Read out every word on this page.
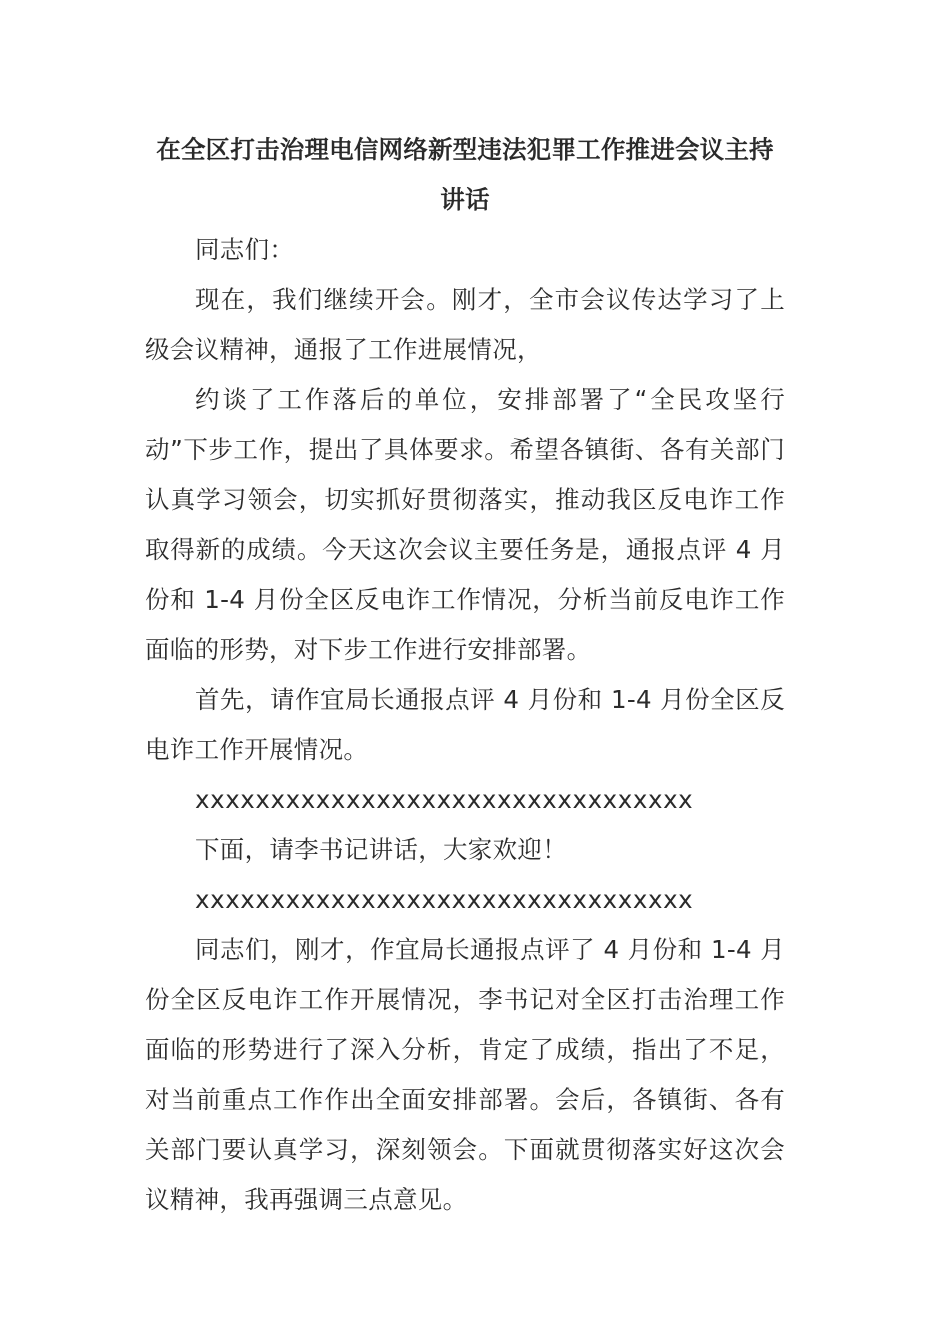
在全区打击治理电信网络新型违法犯罪工作推进会议主持
讲话

同志们：

现在，我们继续开会。刚才，全市会议传达学习了上级会议精神，通报了工作进展情况，

约谈了工作落后的单位，安排部署了“全民攻坚行动”下步工作，提出了具体要求。希望各镇街、各有关部门认真学习领会，切实抓好贯彻落实，推动我区反电诈工作取得新的成绩。今天这次会议主要任务是，通报点评 4 月份和 1-4 月份全区反电诈工作情况，分析当前反电诈工作面临的形势，对下步工作进行安排部署。

首先，请作宜局长通报点评 4 月份和 1-4 月份全区反电诈工作开展情况。

xxxxxxxxxxxxxxxxxxxxxxxxxxxxxxxxx

下面，请李书记讲话，大家欢迎！

xxxxxxxxxxxxxxxxxxxxxxxxxxxxxxxxx

同志们，刚才，作宜局长通报点评了 4 月份和 1-4 月份全区反电诈工作开展情况，李书记对全区打击治理工作面临的形势进行了深入分析，肯定了成绩，指出了不足，对当前重点工作作出全面安排部署。会后，各镇街、各有关部门要认真学习，深刻领会。下面就贯彻落实好这次会议精神，我再强调三点意见。
